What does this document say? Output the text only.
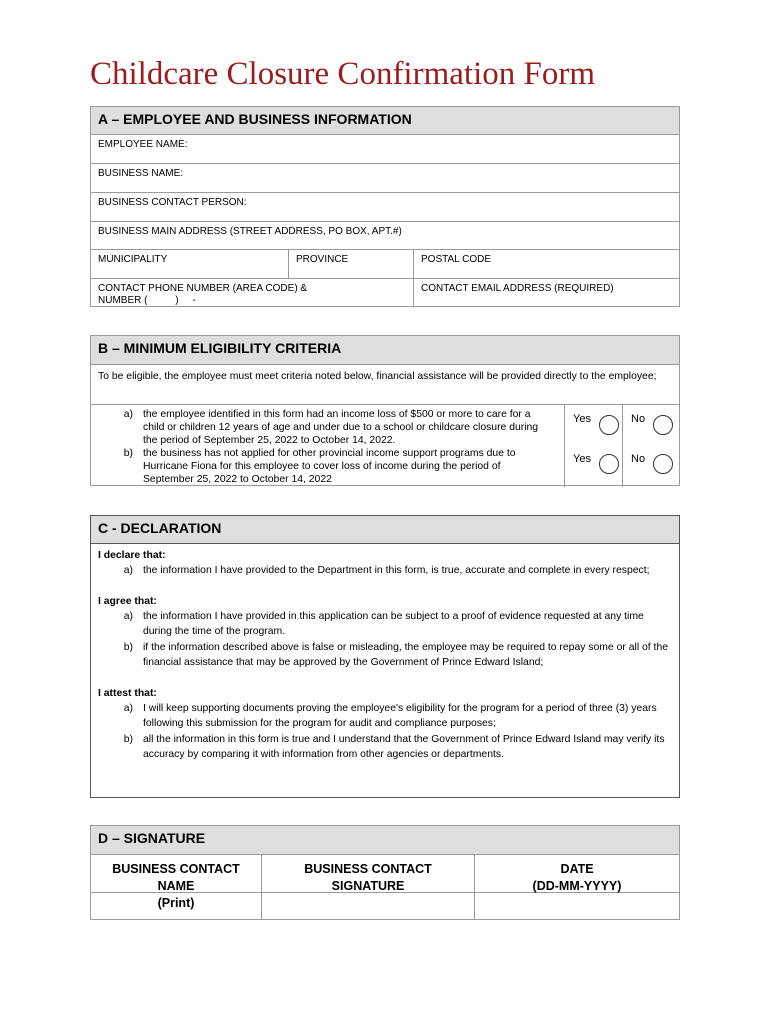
Childcare Closure Confirmation Form
A – EMPLOYEE AND BUSINESS INFORMATION
EMPLOYEE NAME:
BUSINESS NAME:
BUSINESS CONTACT PERSON:
BUSINESS MAIN ADDRESS (STREET ADDRESS, PO BOX, APT.#)
MUNICIPALITY	PROVINCE	POSTAL CODE
CONTACT PHONE NUMBER (AREA CODE) &
NUMBER (          )     -
CONTACT EMAIL ADDRESS (REQUIRED)
B – MINIMUM ELIGIBILITY CRITERIA
To be eligible, the employee must meet criteria noted below, financial assistance will be provided directly to the employee;
a) the employee identified in this form had an income loss of $500 or more to care for a child or children 12 years of age and under due to a school or childcare closure during the period of September 25, 2022 to October 14, 2022.
b) the business has not applied for other provincial income support programs due to Hurricane Fiona for this employee to cover loss of income during the period of September 25, 2022 to October 14, 2022
Yes
Yes
No
No
C - DECLARATION
I declare that:
a) the information I have provided to the Department in this form, is true, accurate and complete in every respect;
I agree that:
a) the information I have provided in this application can be subject to a proof of evidence requested at any time during the time of the program.
b) if the information described above is false or misleading, the employee may be required to repay some or all of the financial assistance that may be approved by the Government of Prince Edward Island;
I attest that:
a) I will keep supporting documents proving the employee's eligibility for the program for a period of three (3) years following this submission for the program for audit and compliance purposes;
b) all the information in this form is true and I understand that the Government of Prince Edward Island may verify its accuracy by comparing it with information from other agencies or departments.
D – SIGNATURE
BUSINESS CONTACT NAME
(Print)
BUSINESS CONTACT
SIGNATURE
DATE
(DD-MM-YYYY)
